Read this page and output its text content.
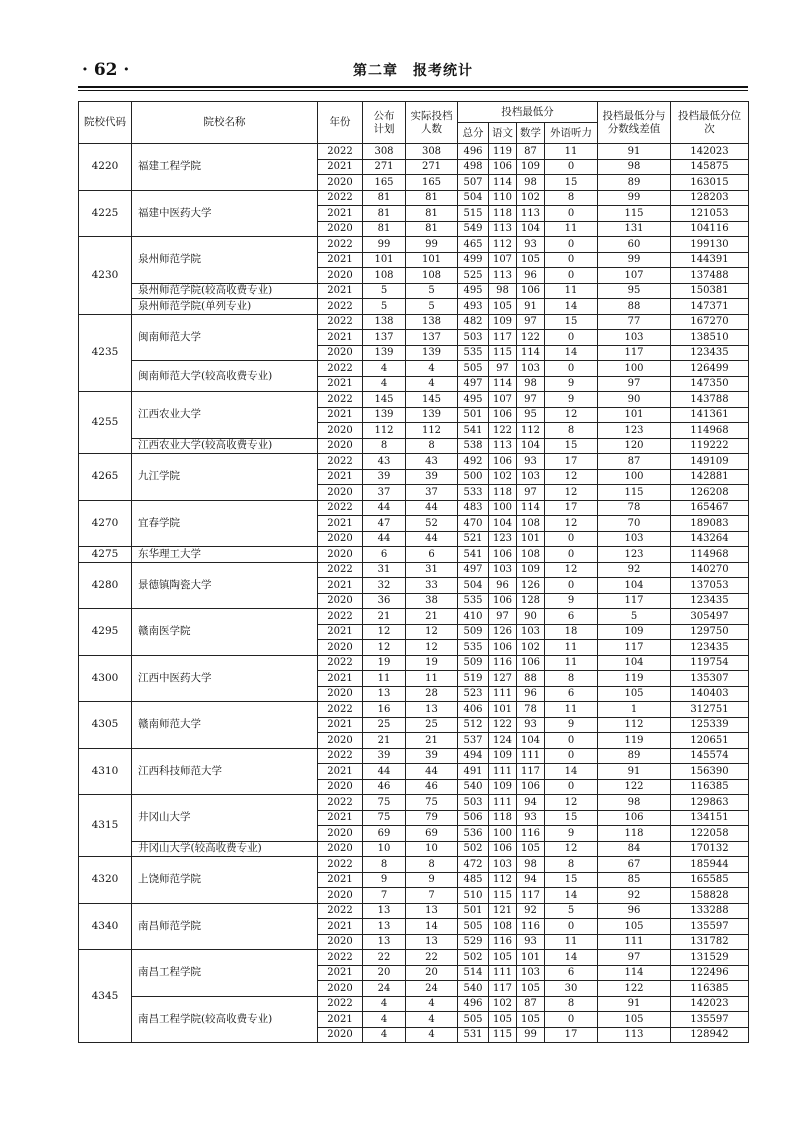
· 62 ·	第二章　报考统计
院校代码	院校名称	年份	公布计划	实际投档人数	投档最低分				投档最低分与分数线差值	投档最低分位次
					总分	语文	数学	外语听力		
4220	福建工程学院	2022	308	308	496	119	87	11	91	142023
		2021	271	271	498	106	109	0	98	145875
		2020	165	165	507	114	98	15	89	163015
4225	福建中医药大学	2022	81	81	504	110	102	8	99	128203
		2021	81	81	515	118	113	0	115	121053
		2020	81	81	549	113	104	11	131	104116
4230	泉州师范学院	2022	99	99	465	112	93	0	60	199130
		2021	101	101	499	107	105	0	99	144391
		2020	108	108	525	113	96	0	107	137488
	泉州师范学院(较高收费专业)	2021	5	5	495	98	106	11	95	150381
	泉州师范学院(单列专业)	2022	5	5	493	105	91	14	88	147371
4235	闽南师范大学	2022	138	138	482	109	97	15	77	167270
		2021	137	137	503	117	122	0	103	138510
		2020	139	139	535	115	114	14	117	123435
	闽南师范大学(较高收费专业)	2022	4	4	505	97	103	0	100	126499
		2021	4	4	497	114	98	9	97	147350
4255	江西农业大学	2022	145	145	495	107	97	9	90	143788
		2021	139	139	501	106	95	12	101	141361
		2020	112	112	541	122	112	8	123	114968
	江西农业大学(较高收费专业)	2020	8	8	538	113	104	15	120	119222
4265	九江学院	2022	43	43	492	106	93	17	87	149109
		2021	39	39	500	102	103	12	100	142881
		2020	37	37	533	118	97	12	115	126208
4270	宜春学院	2022	44	44	483	100	114	17	78	165467
		2021	47	52	470	104	108	12	70	189083
		2020	44	44	521	123	101	0	103	143264
4275	东华理工大学	2020	6	6	541	106	108	0	123	114968
4280	景德镇陶瓷大学	2022	31	31	497	103	109	12	92	140270
		2021	32	33	504	96	126	0	104	137053
		2020	36	38	535	106	128	9	117	123435
4295	赣南医学院	2022	21	21	410	97	90	6	5	305497
		2021	12	12	509	126	103	18	109	129750
		2020	12	12	535	106	102	11	117	123435
4300	江西中医药大学	2022	19	19	509	116	106	11	104	119754
		2021	11	11	519	127	88	8	119	135307
		2020	13	28	523	111	96	6	105	140403
4305	赣南师范大学	2022	16	13	406	101	78	11	1	312751
		2021	25	25	512	122	93	9	112	125339
		2020	21	21	537	124	104	0	119	120651
4310	江西科技师范大学	2022	39	39	494	109	111	0	89	145574
		2021	44	44	491	111	117	14	91	156390
		2020	46	46	540	109	106	0	122	116385
4315	井冈山大学	2022	75	75	503	111	94	12	98	129863
		2021	75	79	506	118	93	15	106	134151
		2020	69	69	536	100	116	9	118	122058
	井冈山大学(较高收费专业)	2020	10	10	502	106	105	12	84	170132
4320	上饶师范学院	2022	8	8	472	103	98	8	67	185944
		2021	9	9	485	112	94	15	85	165585
		2020	7	7	510	115	117	14	92	158828
4340	南昌师范学院	2022	13	13	501	121	92	5	96	133288
		2021	13	14	505	108	116	0	105	135597
		2020	13	13	529	116	93	11	111	131782
4345	南昌工程学院	2022	22	22	502	105	101	14	97	131529
		2021	20	20	514	111	103	6	114	122496
		2020	24	24	540	117	105	30	122	116385
	南昌工程学院(较高收费专业)	2022	4	4	496	102	87	8	91	142023
		2021	4	4	505	105	105	0	105	135597
		2020	4	4	531	115	99	17	113	128942
